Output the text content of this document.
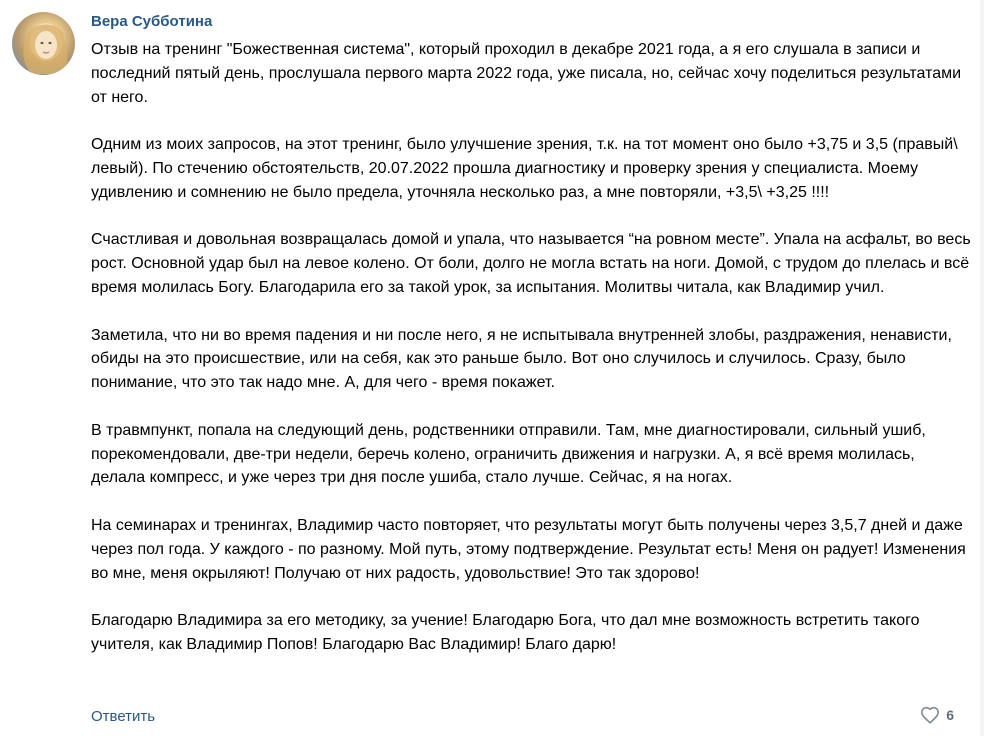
Вера Субботина

Отзыв на тренинг "Божественная система", который проходил в декабре 2021 года, а я его слушала в записи и последний пятый день, прослушала первого марта 2022 года, уже писала, но, сейчас хочу поделиться результатами от него.

Одним из моих запросов, на этот тренинг, было улучшение зрения, т.к. на тот момент оно было +3,75 и 3,5 (правый\ левый). По стечению обстоятельств, 20.07.2022 прошла диагностику и проверку зрения у специалиста. Моему удивлению и сомнению не было предела, уточняла несколько раз, а мне повторяли, +3,5\ +3,25 !!!!

Счастливая и довольная возвращалась домой и упала, что называется “на ровном месте”. Упала на асфальт, во весь рост. Основной удар был на левое колено. От боли, долго не могла встать на ноги. Домой, с трудом до плелась и всё время молилась Богу. Благодарила его за такой урок, за испытания. Молитвы читала, как Владимир учил.

Заметила, что ни во время падения и ни после него, я не испытывала внутренней злобы, раздражения, ненависти, обиды на это происшествие, или на себя, как это раньше было. Вот оно случилось и случилось. Сразу, было понимание, что это так надо мне. А, для чего - время покажет.

В травмпункт, попала на следующий день, родственники отправили. Там, мне диагностировали, сильный ушиб, порекомендовали, две-три недели, беречь колено, ограничить движения и нагрузки. А, я всё время молилась, делала компресс, и уже через три дня после ушиба, стало лучше. Сейчас, я на ногах.

На семинарах и тренингах, Владимир часто повторяет, что результаты могут быть получены через 3,5,7 дней и даже через пол года. У каждого - по разному. Мой путь, этому подтверждение. Результат есть! Меня он радует! Изменения во мне, меня окрыляют! Получаю от них радость, удовольствие! Это так здорово!

Благодарю Владимира за его методику, за учение! Благодарю Бога, что дал мне возможность встретить такого учителя, как Владимир Попов! Благодарю Вас Владимир! Благо дарю!

Ответить	6
